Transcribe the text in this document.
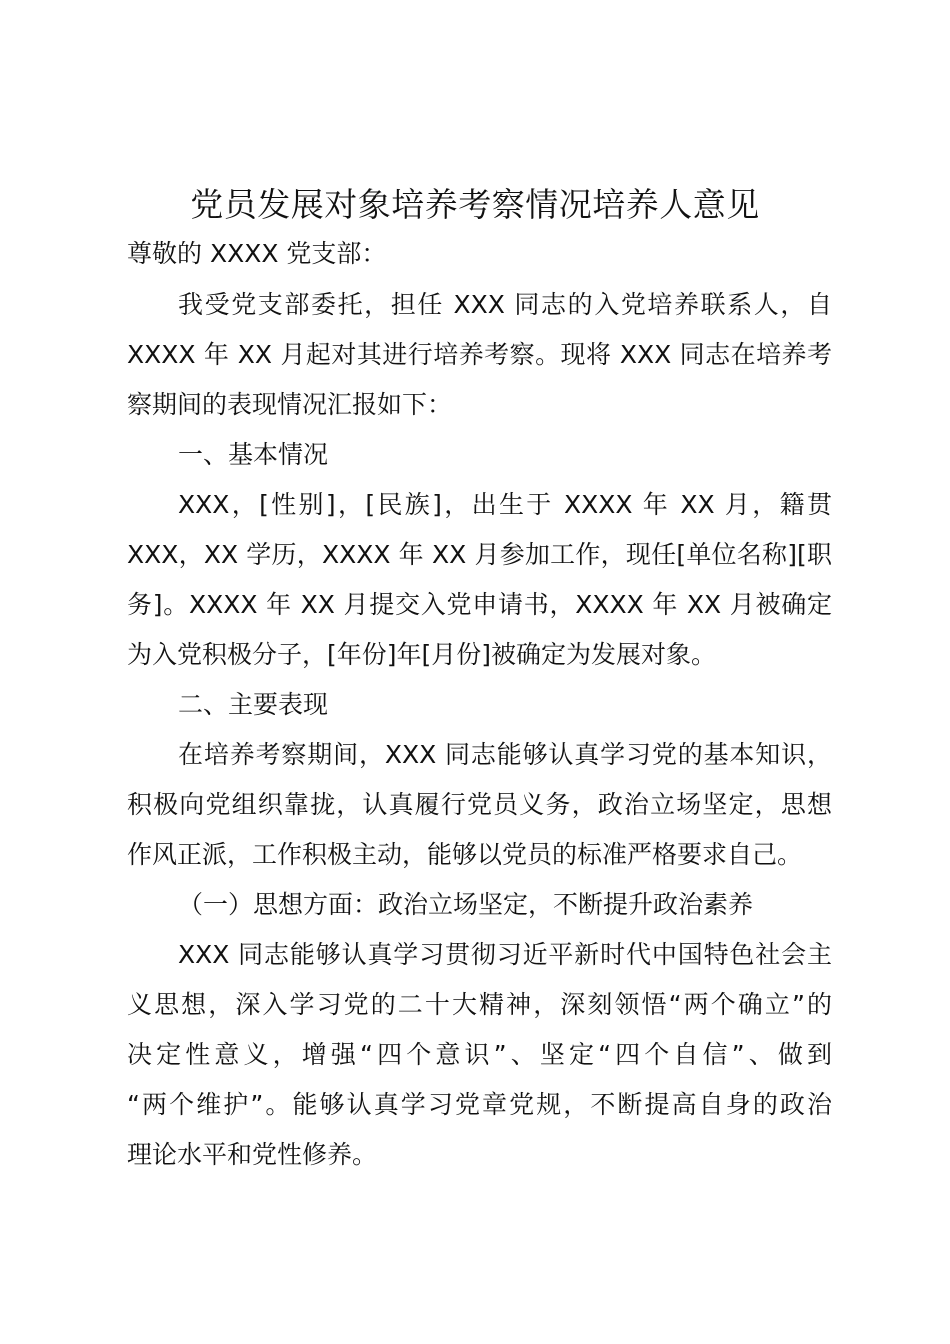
党员发展对象培养考察情况培养人意见
尊敬的 XXXX 党支部：
我受党支部委托，担任 XXX 同志的入党培养联系人，自
XXXX 年 XX 月起对其进行培养考察。现将 XXX 同志在培养考
察期间的表现情况汇报如下：
一、基本情况
XXX，[性别]，[民族]，出生于 XXXX 年 XX 月，籍贯
XXX，XX 学历，XXXX 年 XX 月参加工作，现任[单位名称][职
务]。XXXX 年 XX 月提交入党申请书，XXXX 年 XX 月被确定
为入党积极分子，[年份]年[月份]被确定为发展对象。
二、主要表现
在培养考察期间，XXX 同志能够认真学习党的基本知识，
积极向党组织靠拢，认真履行党员义务，政治立场坚定，思想
作风正派，工作积极主动，能够以党员的标准严格要求自己。
（一）思想方面：政治立场坚定，不断提升政治素养
XXX 同志能够认真学习贯彻习近平新时代中国特色社会主
义思想，深入学习党的二十大精神，深刻领悟“两个确立”的
决定性意义，增强“四个意识”、坚定“四个自信”、做到
“两个维护”。能够认真学习党章党规，不断提高自身的政治
理论水平和党性修养。
